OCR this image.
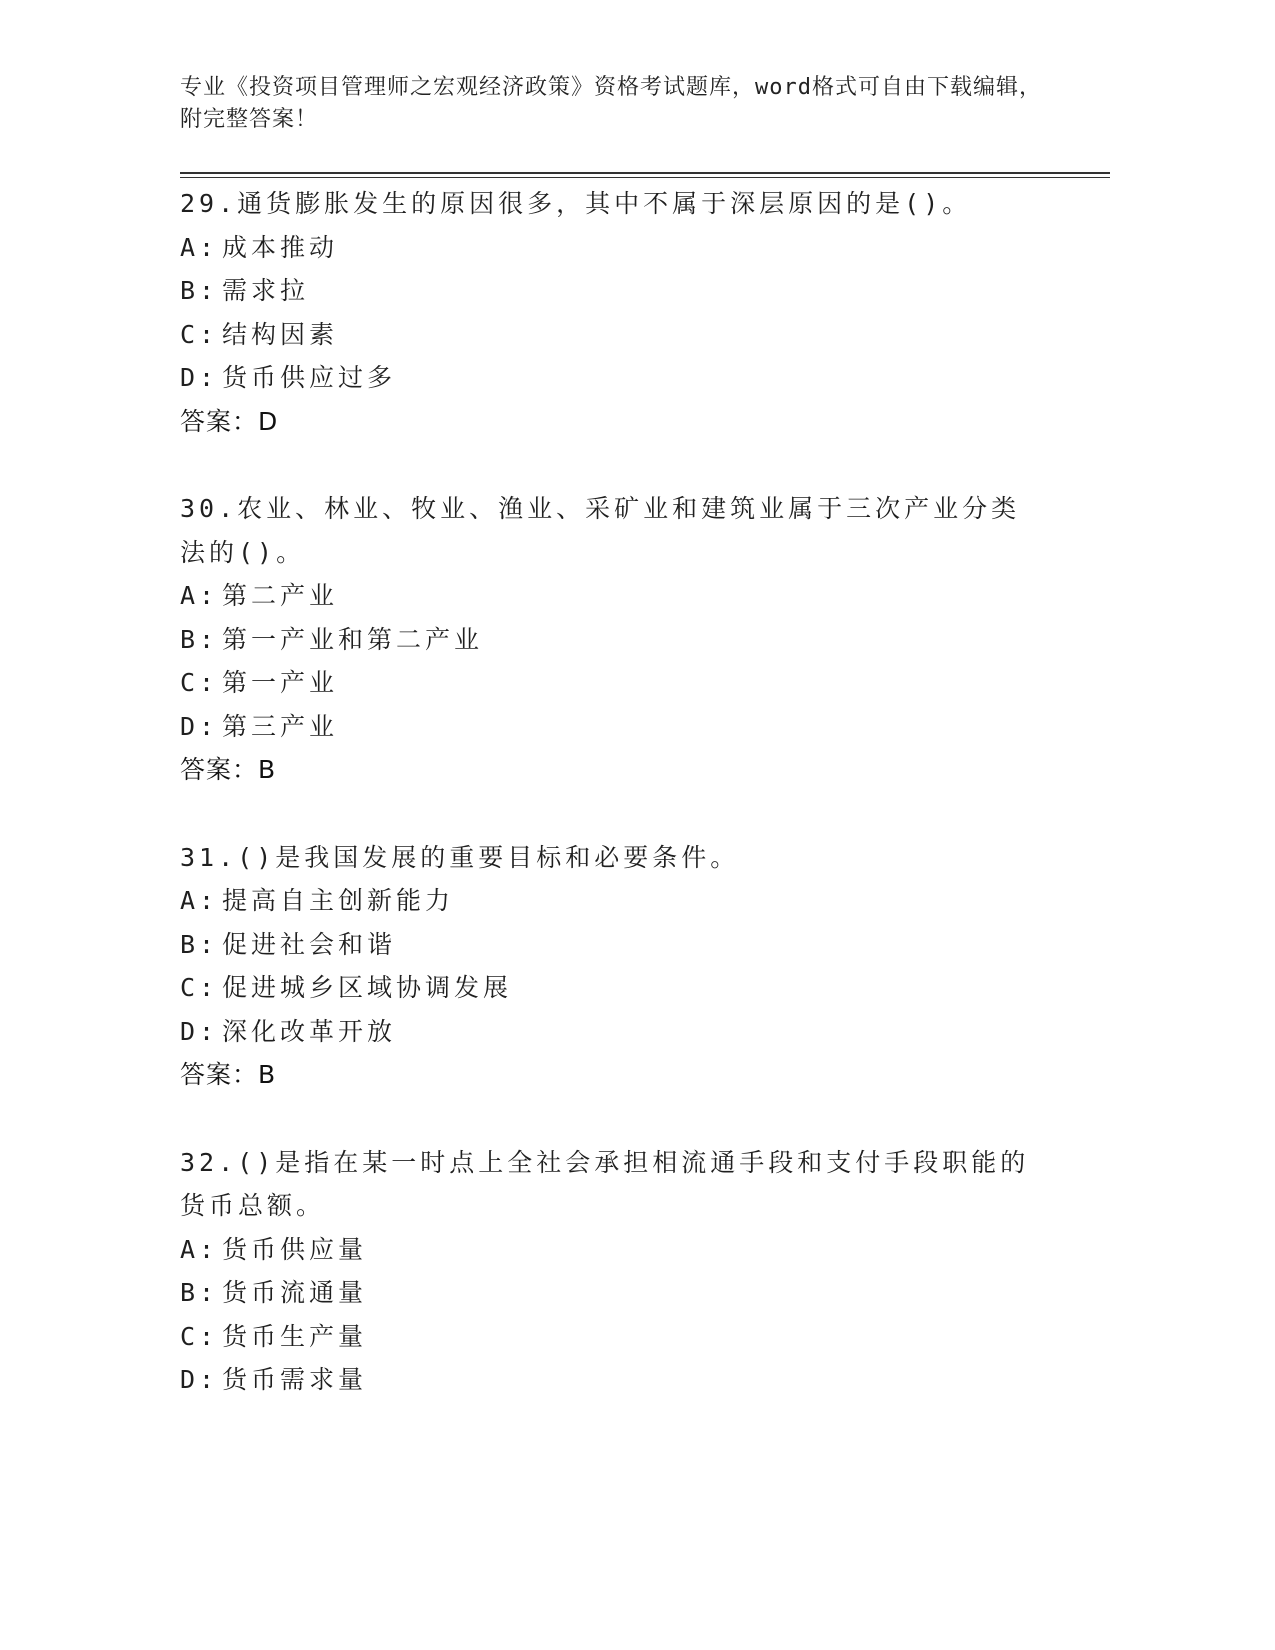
专业《投资项目管理师之宏观经济政策》资格考试题库，word格式可自由下载编辑，附完整答案！
29.通货膨胀发生的原因很多，其中不属于深层原因的是()。
A: 成本推动
B: 需求拉
C: 结构因素
D: 货币供应过多
答案：D
30.农业、林业、牧业、渔业、采矿业和建筑业属于三次产业分类法的()。
A: 第二产业
B: 第一产业和第二产业
C: 第一产业
D: 第三产业
答案：B
31.()是我国发展的重要目标和必要条件。
A: 提高自主创新能力
B: 促进社会和谐
C: 促进城乡区域协调发展
D: 深化改革开放
答案：B
32.()是指在某一时点上全社会承担相流通手段和支付手段职能的货币总额。
A: 货币供应量
B: 货币流通量
C: 货币生产量
D: 货币需求量
